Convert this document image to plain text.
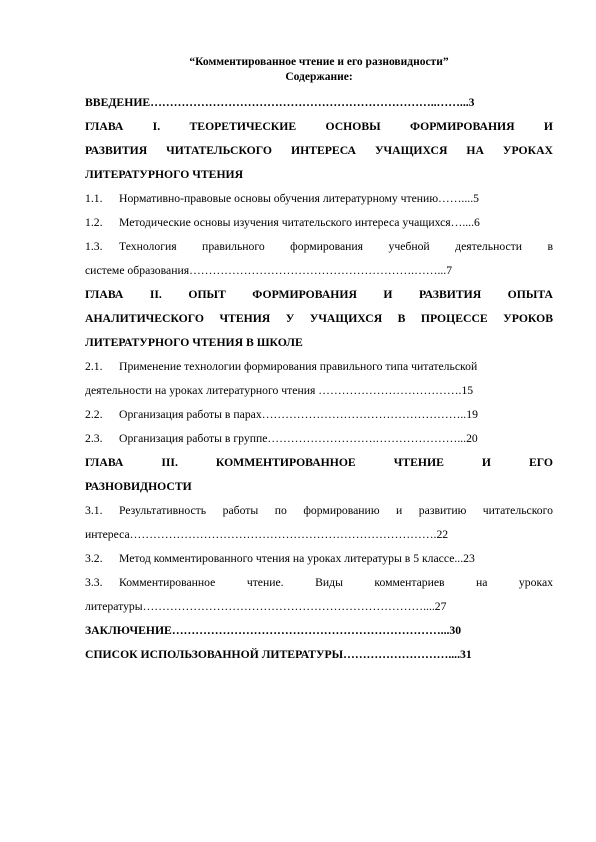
“Комментированное чтение и его разновидности”
Содержание:
ВВЕДЕНИЕ………………………………………………………………..……...3
ГЛАВА I. ТЕОРЕТИЧЕСКИЕ ОСНОВЫ ФОРМИРОВАНИЯ И
РАЗВИТИЯ ЧИТАТЕЛЬСКОГО ИНТЕРЕСА УЧАЩИХСЯ НА УРОКАХ
ЛИТЕРАТУРНОГО ЧТЕНИЯ
1.1.	Нормативно-правовые основы обучения литературному чтению……....5
1.2.	Методические основы изучения читательского интереса учащихся…....6
1.3.	Технология правильного формирования учебной деятельности в
системе образования………………………………………………….……...7
ГЛАВА II. ОПЫТ ФОРМИРОВАНИЯ И РАЗВИТИЯ ОПЫТА
АНАЛИТИЧЕСКОГО ЧТЕНИЯ У УЧАЩИХСЯ В ПРОЦЕССЕ УРОКОВ
ЛИТЕРАТУРНОГО ЧТЕНИЯ В ШКОЛЕ
2.1.	Применение технологии формирования правильного типа читательской
деятельности на уроках литературного чтения ……………………………….15
2.2.	Организация работы в парах……………………………………………..19
2.3.	Организация работы в группе……………………….…………………...20
ГЛАВА III. КОММЕНТИРОВАННОЕ ЧТЕНИЕ И ЕГО
РАЗНОВИДНОСТИ
3.1.	Результативность работы по формированию и развитию читательского
интереса…………………………………………………………………….22
3.2.	Метод комментированного чтения на уроках литературы в 5 классе...23
3.3.	Комментированное чтение. Виды комментариев на уроках
литературы………………………………………………………………....27
ЗАКЛЮЧЕНИЕ……………………………………………………………...30
СПИСОК ИСПОЛЬЗОВАННОЙ ЛИТЕРАТУРЫ………………………....31
